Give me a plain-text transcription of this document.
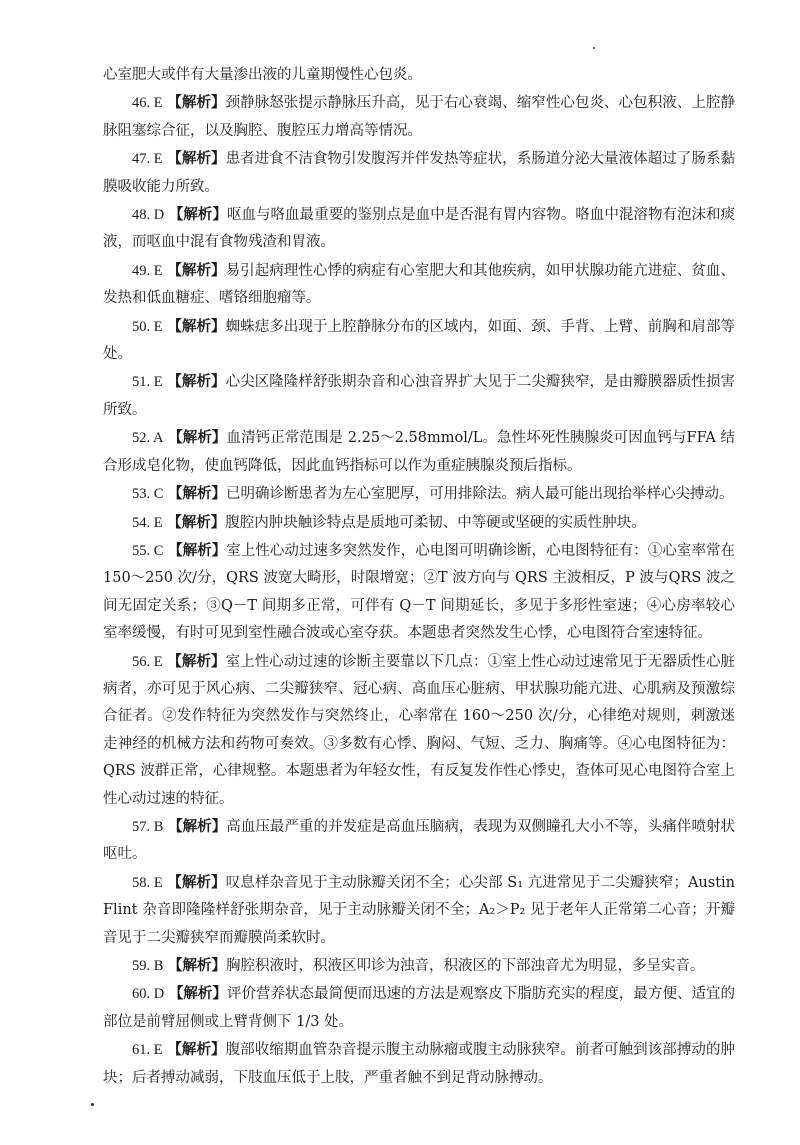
心室肥大或伴有大量渗出液的儿童期慢性心包炎。

46. E 【解析】颈静脉怒张提示静脉压升高，见于右心衰竭、缩窄性心包炎、心包积液、上腔静脉阻塞综合征，以及胸腔、腹腔压力增高等情况。

47. E 【解析】患者进食不洁食物引发腹泻并伴发热等症状，系肠道分泌大量液体超过了肠系黏膜吸收能力所致。

48. D 【解析】呕血与咯血最重要的鉴别点是血中是否混有胃内容物。咯血中混溶物有泡沫和痰液，而呕血中混有食物残渣和胃液。

49. E 【解析】易引起病理性心悸的病症有心室肥大和其他疾病，如甲状腺功能亢进症、贫血、发热和低血糖症、嗜铬细胞瘤等。

50. E 【解析】蜘蛛痣多出现于上腔静脉分布的区域内，如面、颈、手背、上臂、前胸和肩部等处。

51. E 【解析】心尖区隆隆样舒张期杂音和心浊音界扩大见于二尖瓣狭窄，是由瓣膜器质性损害所致。

52. A 【解析】血清钙正常范围是 2.25～2.58mmol/L。急性坏死性胰腺炎可因血钙与FFA 结合形成皂化物，使血钙降低，因此血钙指标可以作为重症胰腺炎预后指标。

53. C 【解析】已明确诊断患者为左心室肥厚，可用排除法。病人最可能出现抬举样心尖搏动。

54. E 【解析】腹腔内肿块触诊特点是质地可柔韧、中等硬或坚硬的实质性肿块。

55. C 【解析】室上性心动过速多突然发作，心电图可明确诊断，心电图特征有：①心室率常在 150～250 次/分，QRS 波宽大畸形，时限增宽；②T 波方向与 QRS 主波相反，P 波与QRS 波之间无固定关系；③Q－T 间期多正常，可伴有 Q－T 间期延长，多见于多形性室速；④心房率较心室率缓慢，有时可见到室性融合波或心室夺获。本题患者突然发生心悸，心电图符合室速特征。

56. E 【解析】室上性心动过速的诊断主要靠以下几点：①室上性心动过速常见于无器质性心脏病者，亦可见于风心病、二尖瓣狭窄、冠心病、高血压心脏病、甲状腺功能亢进、心肌病及预激综合征者。②发作特征为突然发作与突然终止，心率常在 160～250 次/分，心律绝对规则，刺激迷走神经的机械方法和药物可奏效。③多数有心悸、胸闷、气短、乏力、胸痛等。④心电图特征为：QRS 波群正常，心律规整。本题患者为年轻女性，有反复发作性心悸史，查体可见心电图符合室上性心动过速的特征。

57. B 【解析】高血压最严重的并发症是高血压脑病，表现为双侧瞳孔大小不等，头痛伴喷射状呕吐。

58. E 【解析】叹息样杂音见于主动脉瓣关闭不全；心尖部 S₁ 亢进常见于二尖瓣狭窄；Austin Flint 杂音即隆隆样舒张期杂音，见于主动脉瓣关闭不全；A₂＞P₂ 见于老年人正常第二心音；开瓣音见于二尖瓣狭窄而瓣膜尚柔软时。

59. B 【解析】胸腔积液时，积液区叩诊为浊音，积液区的下部浊音尤为明显，多呈实音。

60. D 【解析】评价营养状态最简便而迅速的方法是观察皮下脂肪充实的程度，最方便、适宜的部位是前臂屈侧或上臂背侧下 1/3 处。

61. E 【解析】腹部收缩期血管杂音提示腹主动脉瘤或腹主动脉狭窄。前者可触到该部搏动的肿块；后者搏动减弱，下肢血压低于上肢，严重者触不到足背动脉搏动。
